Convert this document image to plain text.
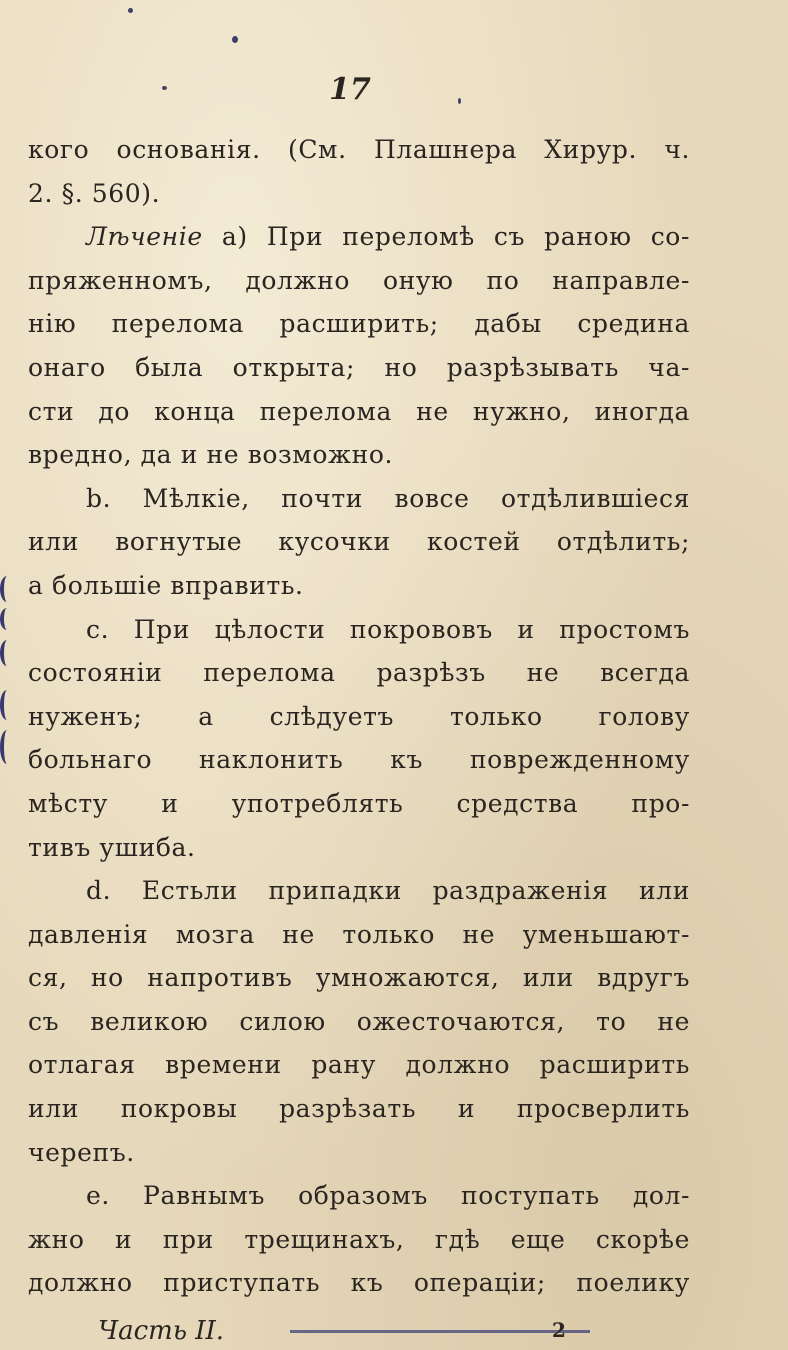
17
кого основанія. (См. Плашнера Хирур. ч.
2. §. 560).
Лѣченіе a) При переломѣ съ раною со-
пряженномъ, должно оную по направле-
нію перелома расширить; дабы средина
онаго была открыта; но разрѣзывать ча-
сти до конца перелома не нужно, иногда
вредно, да и не возможно.
b. Мѣлкіе, почти вовсе отдѣлившіеся
или вогнутые кусочки костей отдѣлить;
а большіе вправить.
c. При цѣлости покрововъ и простомъ
состояніи перелома разрѣзъ не всегда
нуженъ; а слѣдуетъ только голову
больнаго наклонить къ поврежденному
мѣсту и употреблять средства про-
тивъ ушиба.
d. Естьли припадки раздраженія или
давленія мозга не только не уменьшают-
ся, но напротивъ умножаются, или вдругъ
съ великою силою ожесточаются, то не
отлагая времени рану должно расширить
или покровы разрѣзать и просверлить
черепъ.
e. Равнымъ образомъ поступать дол-
жно и при трещинахъ, гдѣ еще скорѣе
должно приступать къ операціи; поелику
Часть II.	2
